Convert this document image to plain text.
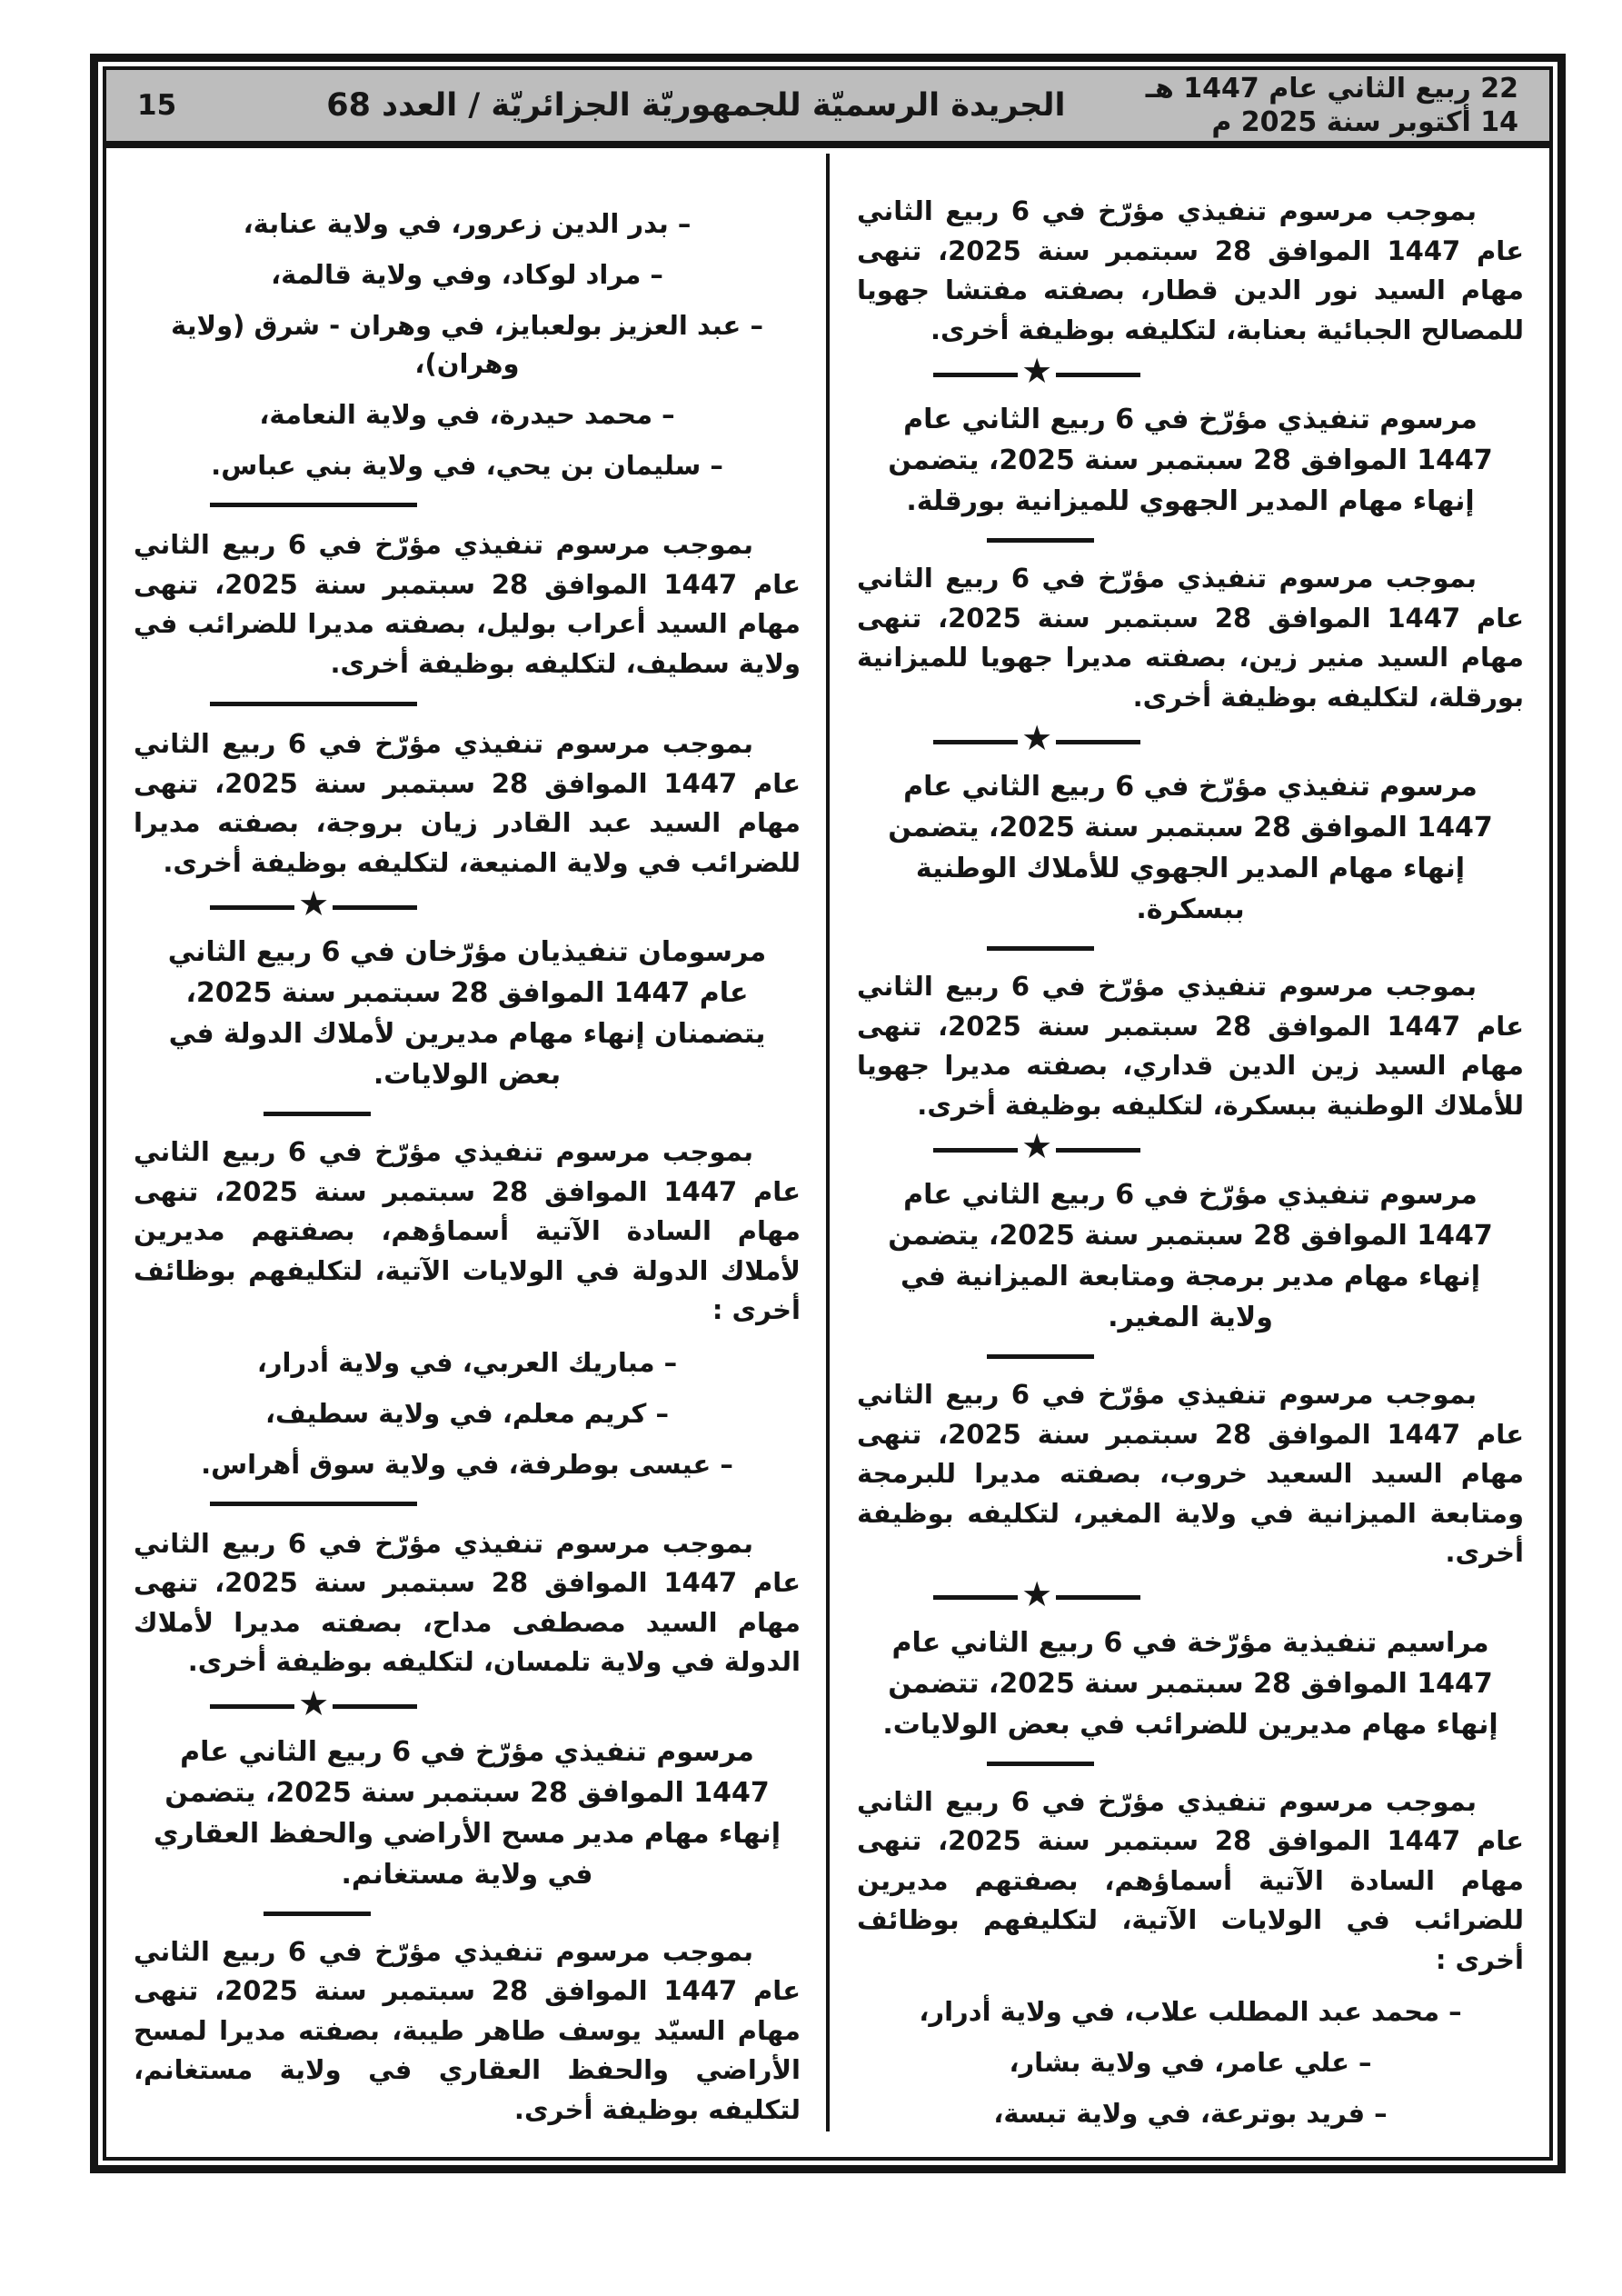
22 ربيع الثاني عام 1447 هـ
14 أكتوبر سنة 2025 م
الجريدة الرسميّة للجمهوريّة الجزائريّة / العدد 68
15

بموجب مرسوم تنفيذي مؤرّخ في 6 ربيع الثاني عام 1447 الموافق 28 سبتمبر سنة 2025، تنهى مهام السيد نور الدين قطار، بصفته مفتشا جهويا للمصالح الجبائية بعنابة، لتكليفه بوظيفة أخرى.

★

مرسوم تنفيذي مؤرّخ في 6 ربيع الثاني عام 1447 الموافق 28 سبتمبر سنة 2025، يتضمن إنهاء مهام المدير الجهوي للميزانية بورقلة.

بموجب مرسوم تنفيذي مؤرّخ في 6 ربيع الثاني عام 1447 الموافق 28 سبتمبر سنة 2025، تنهى مهام السيد منير زين، بصفته مديرا جهويا للميزانية بورقلة، لتكليفه بوظيفة أخرى.

★

مرسوم تنفيذي مؤرّخ في 6 ربيع الثاني عام 1447 الموافق 28 سبتمبر سنة 2025، يتضمن إنهاء مهام المدير الجهوي للأملاك الوطنية ببسكرة.

بموجب مرسوم تنفيذي مؤرّخ في 6 ربيع الثاني عام 1447 الموافق 28 سبتمبر سنة 2025، تنهى مهام السيد زين الدين قداري، بصفته مديرا جهويا للأملاك الوطنية ببسكرة، لتكليفه بوظيفة أخرى.

★

مرسوم تنفيذي مؤرّخ في 6 ربيع الثاني عام 1447 الموافق 28 سبتمبر سنة 2025، يتضمن إنهاء مهام مدير برمجة ومتابعة الميزانية في ولاية المغير.

بموجب مرسوم تنفيذي مؤرّخ في 6 ربيع الثاني عام 1447 الموافق 28 سبتمبر سنة 2025، تنهى مهام السيد السعيد خروب، بصفته مديرا للبرمجة ومتابعة الميزانية في ولاية المغير، لتكليفه بوظيفة أخرى.

★

مراسيم تنفيذية مؤرّخة في 6 ربيع الثاني عام 1447 الموافق 28 سبتمبر سنة 2025، تتضمن إنهاء مهام مديرين للضرائب في بعض الولايات.

بموجب مرسوم تنفيذي مؤرّخ في 6 ربيع الثاني عام 1447 الموافق 28 سبتمبر سنة 2025، تنهى مهام السادة الآتية أسماؤهم، بصفتهم مديرين للضرائب في الولايات الآتية، لتكليفهم بوظائف أخرى :

– محمد عبد المطلب علاب، في ولاية أدرار،
– علي عامر، في ولاية بشار،
– فريد بوترعة، في ولاية تبسة،
– بدر الدين زعرور، في ولاية عنابة،
– مراد لوكاد، وفي ولاية قالمة،
– عبد العزيز بولعبايز، في وهران - شرق (ولاية وهران)،
– محمد حيدرة، في ولاية النعامة،
– سليمان بن يحي، في ولاية بني عباس.

بموجب مرسوم تنفيذي مؤرّخ في 6 ربيع الثاني عام 1447 الموافق 28 سبتمبر سنة 2025، تنهى مهام السيد أعراب بوليل، بصفته مديرا للضرائب في ولاية سطيف، لتكليفه بوظيفة أخرى.

بموجب مرسوم تنفيذي مؤرّخ في 6 ربيع الثاني عام 1447 الموافق 28 سبتمبر سنة 2025، تنهى مهام السيد عبد القادر زيان بروجة، بصفته مديرا للضرائب في ولاية المنيعة، لتكليفه بوظيفة أخرى.

★

مرسومان تنفيذيان مؤرّخان في 6 ربيع الثاني عام 1447 الموافق 28 سبتمبر سنة 2025، يتضمنان إنهاء مهام مديرين لأملاك الدولة في بعض الولايات.

بموجب مرسوم تنفيذي مؤرّخ في 6 ربيع الثاني عام 1447 الموافق 28 سبتمبر سنة 2025، تنهى مهام السادة الآتية أسماؤهم، بصفتهم مديرين لأملاك الدولة في الولايات الآتية، لتكليفهم بوظائف أخرى :

– مباريك العربي، في ولاية أدرار،
– كريم معلم، في ولاية سطيف،
– عيسى بوطرفة، في ولاية سوق أهراس.

بموجب مرسوم تنفيذي مؤرّخ في 6 ربيع الثاني عام 1447 الموافق 28 سبتمبر سنة 2025، تنهى مهام السيد مصطفى مداح، بصفته مديرا لأملاك الدولة في ولاية تلمسان، لتكليفه بوظيفة أخرى.

★

مرسوم تنفيذي مؤرّخ في 6 ربيع الثاني عام 1447 الموافق 28 سبتمبر سنة 2025، يتضمن إنهاء مهام مدير مسح الأراضي والحفظ العقاري في ولاية مستغانم.

بموجب مرسوم تنفيذي مؤرّخ في 6 ربيع الثاني عام 1447 الموافق 28 سبتمبر سنة 2025، تنهى مهام السيّد يوسف طاهر طيبة، بصفته مديرا لمسح الأراضي والحفظ العقاري في ولاية مستغانم، لتكليفه بوظيفة أخرى.
